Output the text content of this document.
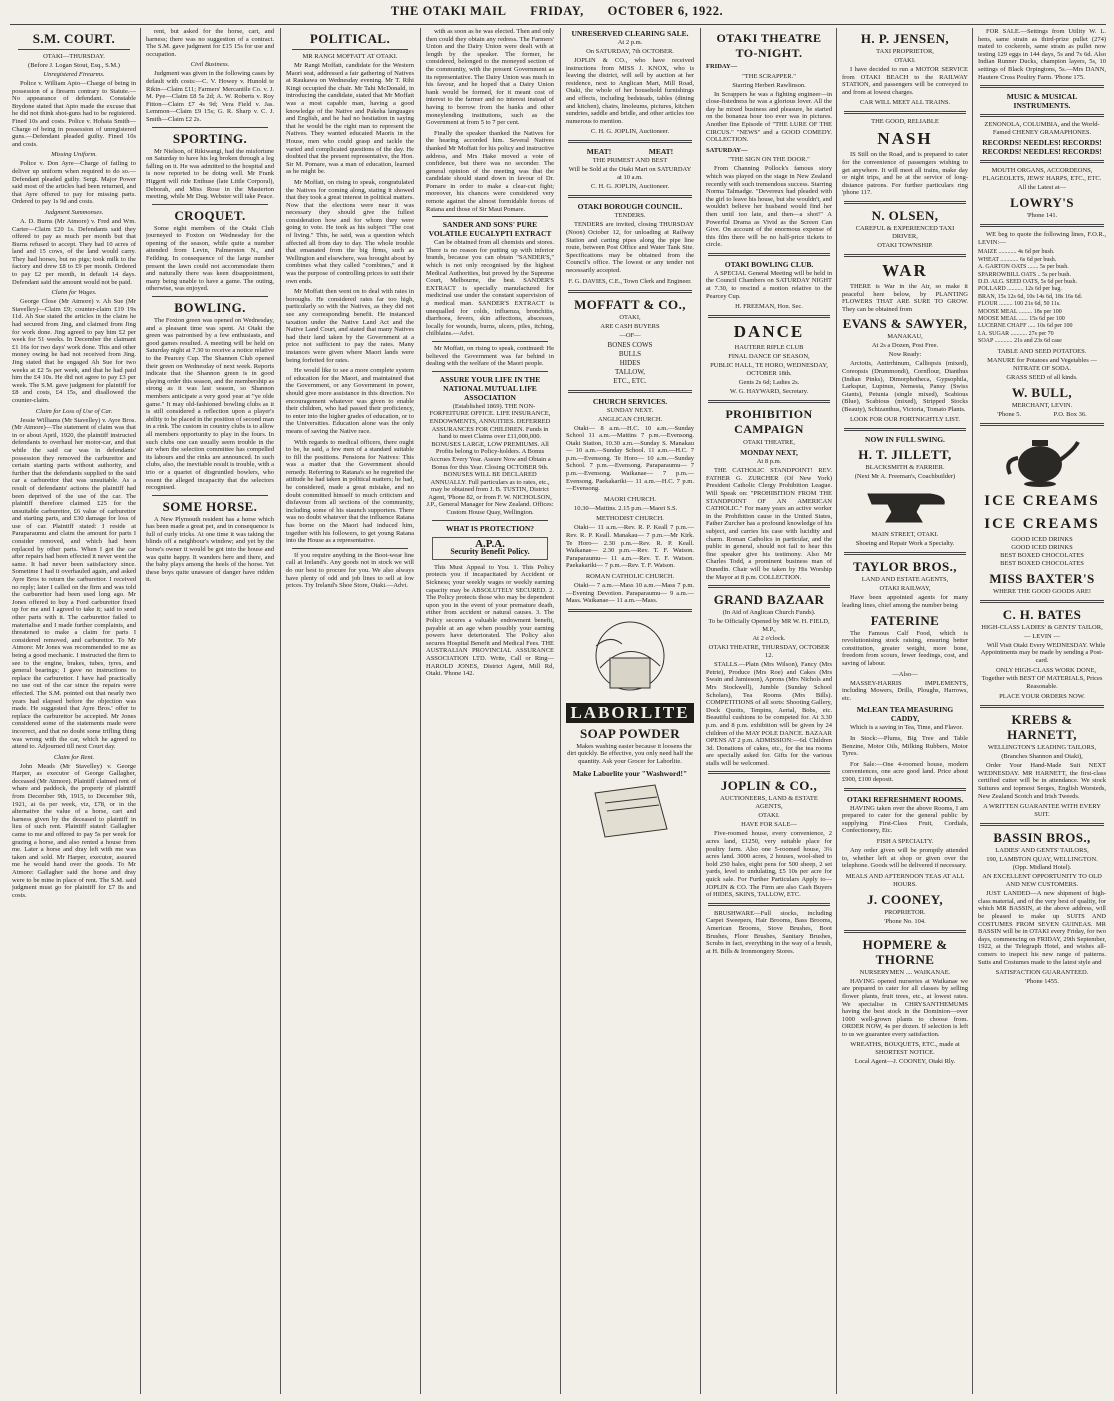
THE OTAKI MAIL FRIDAY, OCTOBER 6, 1922.
S.M. COURT.
OTAKI—THURSDAY.
(Before J. Logan Stout, Esq., S.M.)
Unregistered Firearms.

Police v. William Apio—Charge of being in possession of a firearm contrary to Statute.—No appearance of defendant. Constable Brydone stated that Apio made the excuse that he did not think shot-guns had to be registered. Fined 10s and costs. Police v. Hohaia Smith—Charge of being in possession of unregistered guns.—Defendant pleaded guilty. Fined 10s and costs.

Missing Uniform.

Police v. Don Ayre—Charge of failing to deliver up uniform when required to do so.—Defendant pleaded guilty. Sergt. Major Power said most of the articles had been returned, and that Ayre offered to pay for missing parts. Ordered to pay 1s 9d and costs.

Judgment Summonses.

A. D. Burns (Mr Atmore) v. Fred and Wm. Carter—Claim £20 1s. Defendants said they offered to pay as much per month but that Burns refused to accept. They had 10 acres of land and 15 cows, of the land would carry. They had horses, but no pigs; took milk to the factory and drew £8 to £9 per month. Ordered to pay £2 per month, in default 14 days. Defendant said the amount would not be paid.

Claim for Wages.

George Close (Mr Atmore) v. Ah Sue (Mr Stavelley)—Claim £9; counter-claim £19 19s 11d. Ah Sue stated the articles in the claim he had secured from Jing, and claimed from Jing for work done. Jing agreed to pay him £2 per week for 51 weeks. In December the claimant £1 16s for two days' work done. This and other money owing he had not received from Jing. Jing stated that he engaged Ah Sue for two weeks at £2 5s per week, and that he had paid him the £4 10s. He did not agree to pay £3 per week. The S.M. gave judgment for plaintiff for £8 and costs, £4 15s, and disallowed the counter-claim.

Claim for Loss of Use of Car.

Jessie Williams (Mr Stavelley) v. Ayre Bros. (Mr Atmore)—The statement of claim was that in or about April, 1920, the plaintiff instructed defendants to overhaul her motor-car, and that while the said car was in defendants' possession they removed the carburettor and certain starting parts without authority, and further that the defendants supplied to the said car a carburettor that was unsuitable. As a result of defendants' actions the plaintiff had been deprived of the use of the car. The plaintiff therefore claimed £25 for the unsuitable carburettor, £6 value of carburettor and starting parts, and £30 damage for loss of use of car. Plaintiff stated: I reside at Paraparaumu and claim the amount for parts I consider removed, and which had been replaced by other parts. When I got the car after repairs had been effected it never went the same. It had never been satisfactory since. Sometime I had it overhauled again, and asked Ayre Bros to return the carburettor. I received no reply; later I called on the firm and was told the carburettor had been used long ago. Mr Jones offered to buy a Ford carburettor fixed up for me and I agreed to take it; said to send other parts with it. The carburettor failed to materialise and I made further complaints, and threatened to make a claim for parts I considered removed, and carburettor. To Mr Atmore: Mr Jones was recommended to me as being a good mechanic. I instructed the firm to see to the engine, brakes, tubes, tyres, and general bearings; I gave no instructions to replace the carburettor. I have had practically no use out of the car since the repairs were effected. The S.M. pointed out that nearly two years had elapsed before the objection was made. He suggested that Ayre Bros.' offer to replace the carburettor be accepted. Mr Jones considered some of the statements made were incorrect, and that no doubt some trifling thing was wrong with the car, which he agreed to attend to. Adjourned till next Court day.

Claim for Rent.

John Meads (Mr Stavelley) v. George Harper, as executor of George Gallagher, deceased (Mr Atmore). Plaintiff claimed rent of whare and paddock, the property of plaintiff from December 9th, 1915, to December 9th, 1921, at 6s per week, viz, £78, or in the alternative the value of a horse, cart and harness given by the deceased to plaintiff in lieu of such rent. Plaintiff stated: Gallagher came to me and offered to pay 5s per week for grazing a horse, and also rented a house from me. Later a horse and dray left with me was taken and sold. Mr Harper, executor, assured me he would hand over the goods. To Mr Atmore: Gallagher said the horse and dray were to be mine in place of rent. The S.M. said judgment must go for plaintiff for £7 8s and costs.

rent, but asked for the horse, cart, and harness; there was no suggestion of a contract. The S.M. gave judgment for £15 15s for use and occupation.

Civil Business.

Judgment was given in the following cases by default with costs:—C. V. Howey v. Hunold te Rikin—Claim £11; Farmers' Mercantile Co. v. J. M. Pye—Claim £8 5s 2d; A. W. Roberts v. Roy Fitton—Claim £7 4s 9d; Vera Field v. Jas. Lemmon—Claim £9 15s; G. R. Sharp v. C. J. Smith—Claim £2 2s.

SPORTING.

Mr Nielson, of Rikiwangi, had the misfortune on Saturday to have his leg broken through a leg falling on it. He was admitted to the hospital and is now reported to be doing well. Mr Frank Higgott will ride Enthuse (late Little Corporal), Deborah, and Miss Rose in the Masterton meeting, while Mr Dug. Webster will take Peace.

CROQUET.

Some eight members of the Otaki Club journeyed to Foxton on Wednesday for the opening of the season, while quite a number attended from Levin, Palmerston N., and Feilding. In consequence of the large number present the lawn could not accommodate them and naturally there was keen disappointment, many being unable to have a game. The outing, otherwise, was enjoyed.

BOWLING.

The Foxton green was opened on Wednesday, and a pleasant time was spent. At Otaki the green was patronised by a few enthusiasts, and good games resulted. A meeting will be held on Saturday night at 7.30 to receive a notice relative to the Pearcey Cup. The Shannon Club opened their green on Wednesday of next week. Reports indicate that the Shannon green is in good playing order this season, and the membership as strong as it was last season, so Shannon members anticipate a very good year at "ye olde game." It may old-fashioned bowling clubs as it is still considered a reflection upon a player's ability to be placed in the position of second man in a rink. The custom in country clubs is to allow all members opportunity to play in the fours. In such clubs one can usually seem trouble in the air when the selection committee has compelled its labours and the rinks are announced. In such clubs, also, the inevitable result is trouble, with a trio or a quartet of disgruntled bowlers, who resent the alleged incapacity that the selectors recognised.

SOME HORSE.

A New Plymouth resident has a horse which has been made a great pet, and in consequence is full of curly tricks. At one time it was taking the blinds off a neighbour's window; and yet by the horse's owner it would be got into the house and was quite happy. It wanders here and there, and the baby plays among the heels of the horse. Yet these boys quite unaware of danger have ridden it.

POLITICAL.
MR RANGI MOFFATT AT OTAKI.

Mr Rangi Moffatt, candidate for the Western Maori seat, addressed a fair gathering of Natives at Raukawa on Wednesday evening. Mr T. Rihi Kingi occupied the chair. Mr Tahi McDonald, in introducing the candidate, stated that Mr Moffatt was a most capable man, having a good knowledge of the Native and Pakeha languages and English, and he had no hesitation in saying that he would be the right man to represent the Natives. They wanted educated Maoris in the House, men who could grasp and tackle the varied and complicated questions of the day. He doubted that the present representative, the Hon. Sir M. Pomare, was a man of education, learned as he might be.

Mr Moffatt, on rising to speak, congratulated the Natives for coming along, stating it showed that they took a great interest in political matters. Now that the elections were near it was necessary they should give the fullest consideration how and for whom they were going to vote. He took as his subject "The cost of living." This, he said, was a question which affected all from day to day. The whole trouble that emanated from the big firms, such as Wellington and elsewhere, was brought about by combines what they called "combines," and it was the purpose of controlling prices to suit their own ends.

Mr Moffatt then went on to deal with rates in boroughs. He considered rates far too high, particularly so with the Natives, as they did not see any corresponding benefit. He instanced taxation under the Native Land Act and the Native Land Court, and stated that many Natives had their land taken by the Government at a price not sufficient to pay the rates. Many instances were given where Maori lands were being forfeited for rates.

He would like to see a more complete system of education for the Maori, and maintained that the Government, or any Government in power, should give more assistance in this direction. No encouragement whatever was given to enable their children, who had passed their proficiency, to enter into the higher grades of education, or to the Universities. Education alone was the only means of saving the Native race.

With regards to medical officers, there ought to be, he said, a few men of a standard suitable to fill the positions. Pensions for Natives: This was a matter that the Government should remedy. Referring to Ratana's so he regretted the attitude he had taken in political matters; he had, he considered, made a great mistake, and no doubt committed himself to much criticism and disfavour from all sections of the community, including some of his staunch supporters. There was no doubt whatever that the influence Ratana has borne on the Maori had induced him, together with his followers, to get young Ratana into the House as a representative.

If you require anything in the Boot-wear line call at Ireland's. Any goods not in stock we will do our best to procure for you. We also always have plenty of odd and job lines to sell at low prices. Try Ireland's Shoe Store, Otaki.—Advt.

with as soon as he was elected. Then and only then could they obtain any redress. The Farmers' Union and the Dairy Union were dealt with at length by the speaker. The former, he considered, belonged to the moneyed section of the community, with the present Government as its representative. The Dairy Union was much in his favour, and he hoped that a Dairy Union bank would be formed, for it meant cost of interest to the farmer and no interest instead of having to borrow from the banks and other moneylending institutions, such as the Government at from 5 to 7 per cent.

Finally the speaker thanked the Natives for the hearing accorded him. Several Natives thanked Mr Moffatt for his policy and instructive address, and Mrs Hake moved a vote of confidence, but there was no seconder. The general opinion of the meeting was that the candidate should stand down in favour of Dr. Pomare in order to make a clear-cut fight; moreover, his chances were considered very remote against the almost formidable forces of Ratana and those of Sir Maui Pomare.

SANDER AND SONS' PURE VOLATILE EUCALYPTI EXTRACT

Can be obtained from all chemists and stores. There is no reason for putting up with inferior brands, because you can obtain "SANDER'S," which is not only recognised by the highest Medical Authorities, but proved by the Supreme Court, Melbourne, the best. SANDER'S EXTRACT is specially manufactured for medicinal use under the constant supervision of a medical man. SANDER'S EXTRACT is unequalled for colds, influenza, bronchitis, diarrhoea, fevers, skin affections, abscesses, locally for wounds, burns, ulcers, piles, itching, chilblains.—Advt.

Mr Moffatt, on rising to speak, continued: He believed the Government was far behind in dealing with the welfare of the Maori people.

ASSURE YOUR LIFE IN THE NATIONAL MUTUAL LIFE ASSOCIATION

(Established 1869). THE NON-FORFEITURE OFFICE. LIFE INSURANCE, ENDOWMENTS, ANNUITIES. DEFERRED ASSURANCES FOR CHILDREN. Funds in hand to meet Claims over £11,000,000. BONUSES LARGE, LOW PREMIUMS. All Profits belong to Policy-holders. A Bonus Accrues Every Year. Assure Now and Obtain a Bonus for this Year. Closing OCTOBER 9th. BONUSES WILL BE DECLARED ANNUALLY. Full particulars as to rates, etc., may be obtained from J. B. TUSTIN, District Agent, 'Phone 82, or from F. W. NICHOLSON, J.P., General Manager for New Zealand. Offices: Custom House Quay, Wellington.

WHAT IS PROTECTION?
A.P.A.
Security Benefit Policy.

This Must Appeal to You. 1. This Policy protects you if incapacitated by Accident or Sickness; your weekly wages or weekly earning capacity may be ABSOLUTELY SECURED. 2. The Policy protects those who may be dependent upon you in the event of your premature death, either from accident or natural causes. 3. The Policy secures a valuable endowment benefit, payable at an age when possibly your earning powers have deteriorated. The Policy also secures Hospital Benefit and Medical Fees. THE AUSTRALIAN PROVINCIAL ASSURANCE ASSOCIATION LTD. Write, Call or Ring— HAROLD JONES, District Agent, Mill Rd, Otaki. 'Phone 142.

UNRESERVED CLEARING SALE.
At 2 p.m.
On SATURDAY, 7th OCTOBER.

JOPLIN & CO., who have received instructions from MISS J. KNOX, who is leaving the district, will sell by auction at her residence, next to Anglican Mart, Mill Road, Otaki, the whole of her household furnishings and effects, including bedsteads, tables (dining and kitchen), chairs, linoleums, pictures, kitchen sundries, saddle and bridle, and other articles too numerous to mention.

C. H. G. JOPLIN, Auctioneer.
MEAT!                    MEAT!
THE PRIMEST AND BEST
Will be Sold at the Otaki Mart on SATURDAY at 10 a.m.
C. H. G. JOPLIN, Auctioneer.
OTAKI BOROUGH COUNCIL.
TENDERS.

TENDERS are invited, closing THURSDAY (Noon) October 12, for unloading at Railway Station and carting pipes along the pipe line route, between Post Office and Water Tank Site. Specifications may be obtained from the Council's office. The lowest or any tender not necessarily accepted.

F. G. DAVIES, C.E., Town Clerk and Engineer.
MOFFATT & CO.,
OTAKI,
ARE CASH BUYERS
—OF—
BONES COWS
BULLS
HIDES
TALLOW,
ETC., ETC.
CHURCH SERVICES.
SUNDAY NEXT.
ANGLICAN CHURCH.

Otaki— 8 a.m.—H.C. 10 a.m.—Sunday School 11 a.m.—Mattins 7 p.m.—Evensong. Otaki Station, 10.30 a.m.—Sunday S. Manakau— 10 a.m.—Sunday School. 11 a.m.—H.C. 7 p.m.—Evensong. Te Horo— 10 a.m.—Sunday School. 7 p.m.—Evensong. Paraparaumu— 7 p.m.—Evensong. Waikanae— 7 p.m.—Evensong. Paekakariki— 11 a.m.—H.C. 7 p.m.—Evensong.

MAORI CHURCH.

10.30—Mattins. 2.15 p.m.—Maori S.S.

METHODIST CHURCH.

Otaki— 11 a.m.—Rev. R. P. Keall 7 p.m.—Rev. R. P. Keall. Manakau— 7 p.m.—Mr Kirk. Te Horo— 2.30 p.m.—Rev. R. P. Keall. Waikanae— 2.30 p.m.—Rev. T. F. Watson. Paraparaumu— 11 a.m.—Rev. T. F. Watson. Paekakariki— 7 p.m.—Rev. T. F. Watson.

ROMAN CATHOLIC CHURCH.

Otaki— 7 a.m.—Mass 10 a.m.—Mass 7 p.m.—Evening Devotion. Paraparaumu— 9 a.m.—Mass. Waikanae— 11 a.m.—Mass.

LABORLITE
SOAP POWDER

Makes washing easier because it loosens the dirt quickly. Be effective, you only need half the quantity. Ask your Grocer for Laborlite.

Make Laborlite your "Washword!"
OTAKI THEATRE TO-NIGHT.
FRIDAY—
"THE SCRAPPER."
Starring Herbert Rawlinson.

In Scrappers he was a fighting engineer—in close-fistedness he was a glorious lover. All the day he mixed business and pleasure, he started on the bonanza hour too ever was in pictures. Another fine Episode of "THE LURE OF THE CIRCUS." "NEWS" and a GOOD COMEDY. COLLECTION.

SATURDAY—
"THE SIGN ON THE DOOR."

From Channing Pollock's famous story which was played on the stage in New Zealand recently with such tremendous success. Starring Norma Talmadge. "Devereux had pleaded with the girl to leave his house, but she wouldn't, and wouldn't believe her husband would find her then until too late, and then—a shot!" A Powerful Drama as Vivid as the Screen Can Give. On account of the enormous expense of this film there will be no half-price tickets to circle.

OTAKI BOWLING CLUB.

A SPECIAL General Meeting will be held in the Council Chambers on SATURDAY NIGHT at 7.30, to rescind a motion relative to the Pearcey Cup.

H. FREEMAN, Hon. Sec.
DANCE
HAUTERE RIFLE CLUB
FINAL DANCE OF SEASON,
PUBLIC HALL, TE HORO, WEDNESDAY, OCTOBER 18th.
Gents 2s 6d; Ladies 2s.
W. G. HAYWARD, Secretary.
PROHIBITION CAMPAIGN
OTAKI THEATRE,
MONDAY NEXT,
At 8 p.m.

THE CATHOLIC STANDPOINT! REV. FATHER G. ZURCHER (Of New York) President Catholic Clergy Prohibition League. Will Speak on: "PROHIBITION FROM THE STANDPOINT OF AN AMERICAN CATHOLIC." For many years an active worker in the Prohibition cause in the United States, Father Zurcher has a profound knowledge of his subject, and carries his case with lucidity and charm. Roman Catholics in particular, and the public in general, should not fail to hear this fine speaker give his testimony. Also Mr Charles Todd, a prominent business man of Dunedin. Chair will be taken by His Worship the Mayor at 8 p.m. COLLECTION.

GRAND BAZAAR
(In Aid of Anglican Church Funds).
To be Officially Opened by MR W. H. FIELD, M.P.,
At 2 o'clock.
OTAKI THEATRE, THURSDAY, OCTOBER 12.

STALLS.—Plain (Mrs Wilson), Fancy (Mrs Petrie), Produce (Mrs Roe) and Cakes (Mrs Swain and Jamieson), Aprons (Mrs Nichols and Mrs Stockwell), Jumble (Sunday School Scholars), Tea Rooms (Mrs Bills). COMPETITIONS of all sorts: Shooting Gallery, Dock Quoits, Tenpins, Aerial, Bobs, etc. Beautiful cushions to be competed for. At 3.30 p.m. and 8 p.m. exhibition will be given by 24 children of the MAY POLE DANCE. BAZAAR OPENS AT 2 p.m. ADMISSION:—6d. Children 3d. Donations of cakes, etc., for the tea rooms are specially asked for. Gifts for the various stalls will be welcomed.

JOPLIN & CO.,
AUCTIONEERS, LAND & ESTATE AGENTS,
OTAKI.
HAVE FOR SALE—

Five-roomed house, every convenience, 2 acres land, £1250, very suitable place for poultry farm. Also one 5-roomed house, 3¼ acres land. 3000 acres, 2 houses, wool-shed to hold 250 bales, eight pens for 500 sheep, 2 set yards, level to undulating, £5 10s per acre for quick sale. For Further Particulars Apply to— JOPLIN & CO. The Firm are also Cash Buyers of HIDES, SKINS, TALLOW, ETC.

BRUSHWARE—Full stocks, including Carpet Sweepers, Hair Brooms, Bass Brooms, American Brooms, Stove Brushes, Boot Brushes, Floor Brushes, Sanitary Brushes, Scrubs in fact, everything in the way of a brush, at H. Bills & Ironmongery Stores.

H. P. JENSEN,
TAXI PROPRIETOR,
OTAKI.

I have decided to run a MOTOR SERVICE from OTAKI BEACH to the RAILWAY STATION, and passengers will be conveyed to and from at lowest charges.

CAR WILL MEET ALL TRAINS.
THE GOOD, RELIABLE
NASH

IS Still on the Road, and is prepared to cater for the convenience of passengers wishing to get anywhere. It will meet all trains, make day or night trips, and be at the service of long-distance patrons. For further particulars ring 'phone 117.

N. OLSEN,
CAREFUL & EXPERIENCED TAXI DRIVER,
OTAKI TOWNSHIP.
WAR

THERE is War in the Air, so make it peaceful here below, by PLANTING FLOWERS THAT ARE SURE TO GROW. They can be obtained from

EVANS & SAWYER,
MANAKAU,
At 2s a Dozen, Post Free.
Now Ready:

Arctotis, Antirrhinum, Calliopsis (mixed), Coreopsis (Drummondi), Cornflour, Dianthus (Indian Pinks), Dimorphotheca, Gypsophila, Larkspur, Lupinus, Nemesia, Pansy (Swiss Giants), Petunia (single mixed), Scabious (Blue), Scabious (mixed), Stripped Stocks (Beauty), Schizanthus, Victoria, Tomato Plants.

LOOK FOR OUR FORTNIGHTLY LIST.
NOW IN FULL SWING.
H. T. JILLETT,
BLACKSMITH & FARRIER.
(Next Mr A. Freeman's, Coachbuilder)
MAIN STREET, OTAKI.
Shoeing and Repair Work a Specialty.
TAYLOR BROS.,
LAND AND ESTATE AGENTS,
OTAKI RAILWAY,

Have been appointed agents for many leading lines, chief among the number being

FATERINE

The Famous Calf Food, which is revolutionising stock raising, ensuring better constitution, greater weight, more bone, freedom from scours, fewer feedings, cost, and saving of labour.

—Also—

MASSEY-HARRIS IMPLEMENTS, including Mowers, Drills, Ploughs, Harrows, etc.

McLEAN TEA MEASURING CADDY,

Which is a saving in Tea, Time, and Flavor.

In Stock:—Plums, Big Tree and Table Benzine, Motor Oils, Milking Rubbers, Motor Tyres.

For Sale:—One 4-roomed house, modern conveniences, one acre good land. Price about £900, £100 deposit.

OTAKI REFRESHMENT ROOMS.

HAVING taken over the above Rooms, I am prepared to cater for the general public by supplying First-Class Fruit, Cordials, Confectionery, Etc.

FISH A SPECIALTY.

Any order given will be promptly attended to, whether left at shop or given over the telephone. Goods will be delivered if necessary.

MEALS AND AFTERNOON TEAS AT ALL HOURS.
J. COONEY,
PROPRIETOR.
'Phone No. 104.
HOPMERE & THORNE
NURSERYMEN .... WAIKANAE.

HAVING opened nurseries at Waikanae we are prepared to cater for all classes by selling flower plants, fruit trees, etc., at lowest rates. We specialise in CHRYSANTHEMUMS having the best stock in the Dominion—over 1000 well-grown plants to choose from. ORDER NOW, 4s per dozen. If selection is left to us we guarantee every satisfaction.

WREATHS, BOUQUETS, ETC., made at SHORTEST NOTICE.
Local Agent—J. COONEY, Otaki Rly.

FOR SALE.—Settings from Utility W. L. hens, same strain as third-prize pullet (274) mated to cockerels, same strain as pullet now testing 129 eggs in 144 days, 5s and 7s 6d. Also Indian Runner Ducks, champion layers, 5s, 10 settings of Black Orpingtons, 5s.—Mrs DANN, Hautere Cross Poultry Farm. 'Phone 175.

MUSIC & MUSICAL INSTRUMENTS.
ZENONOLA, COLUMBIA, and the World-Famed CHENEY GRAMAPHONES.
RECORDS! NEEDLES! RECORDS!
RECORDS! NEEDLES! RECORDS!
MOUTH ORGANS, ACCORDEONS, FLAGEOLETS, JEWS' HARPS, ETC., ETC.
All the Latest at—
LOWRY'S
'Phone 141.

WE beg to quote the following lines, F.O.R., LEVIN:—

MAIZE ............ 4s 6d per bush.
WHEAT ............ 6s 6d per bush.
A. GARTON OATS ....... 5s per bush.
SPARROWBILL OATS .. 5s per bush.
D.D. ALG. SEED OATS, 5s 6d per bush.
POLLARD ........... 12s 6d per bag.
BRAN, 15s 12s 6d, 10s 14s 6d, 18s 16s 6d.
FLOUR ......... 100 21s 6d, 50 11s.
MOOSE MEAL ......... 18s per 100
MOOSE MEAL ...... 15s 6d per 100
LUCERNE CHAFF ..... 10s 6d per 100
I.A. SUGAR ........... 27s per 70
SOAP ............ 21s and 23s 6d case
TABLE AND SEED POTATOES.
MANURE for Potatoes and Vegetables — NITRATE OF SODA.
GRASS SEED of all kinds.
W. BULL,
MERCHANT, LEVIN.
'Phone 5.                    P.O. Box 36.
ICE CREAMS
ICE CREAMS
GOOD ICED DRINKS
GOOD ICED DRINKS
BEST BOXED CHOCOLATES
BEST BOXED CHOCOLATES
MISS BAXTER'S
WHERE THE GOOD GOODS ARE!
C. H. BATES
HIGH-CLASS LADIES' & GENTS' TAILOR,
— LEVIN —

Will Visit Otaki Every WEDNESDAY. While Appointments may be made by sending a Post-card.

ONLY HIGH-CLASS WORK DONE, Together with BEST OF MATERIALS, Prices Reasonable.

PLACE YOUR ORDERS NOW.
KREBS & HARNETT,
WELLINGTON'S LEADING TAILORS,
(Branches Shannon and Otaki),

Order Your Hand-Made Suit NEXT WEDNESDAY. MR HARNETT, the first-class certified cutter will be in attendance. We stock Suitures and topmost Serges, English Worsteds, New Zealand Scotch and Irish Tweeds.

A WRITTEN GUARANTEE WITH EVERY SUIT.
BASSIN BROS.,
LADIES' AND GENTS' TAILORS,
190, LAMBTON QUAY, WELLINGTON. (Opp. Midland Hotel).
AN EXCELLENT OPPORTUNITY TO OLD AND NEW CUSTOMERS.

JUST LANDED—A new shipment of high-class material, and of the very best of quality, for which MR BASSIN, at the above address, will be pleased to make up SUITS AND COSTUMES FROM SEVEN GUINEAS. MR BASSIN will be in OTAKI every Friday, for two days, commencing on FRIDAY, 29th September, 1922, at the Telegraph Hotel, and wishes all-comers to inspect his new range of patterns. Suits and Costumes made to the latest style and

SATISFACTION GUARANTEED.
'Phone 1455.
